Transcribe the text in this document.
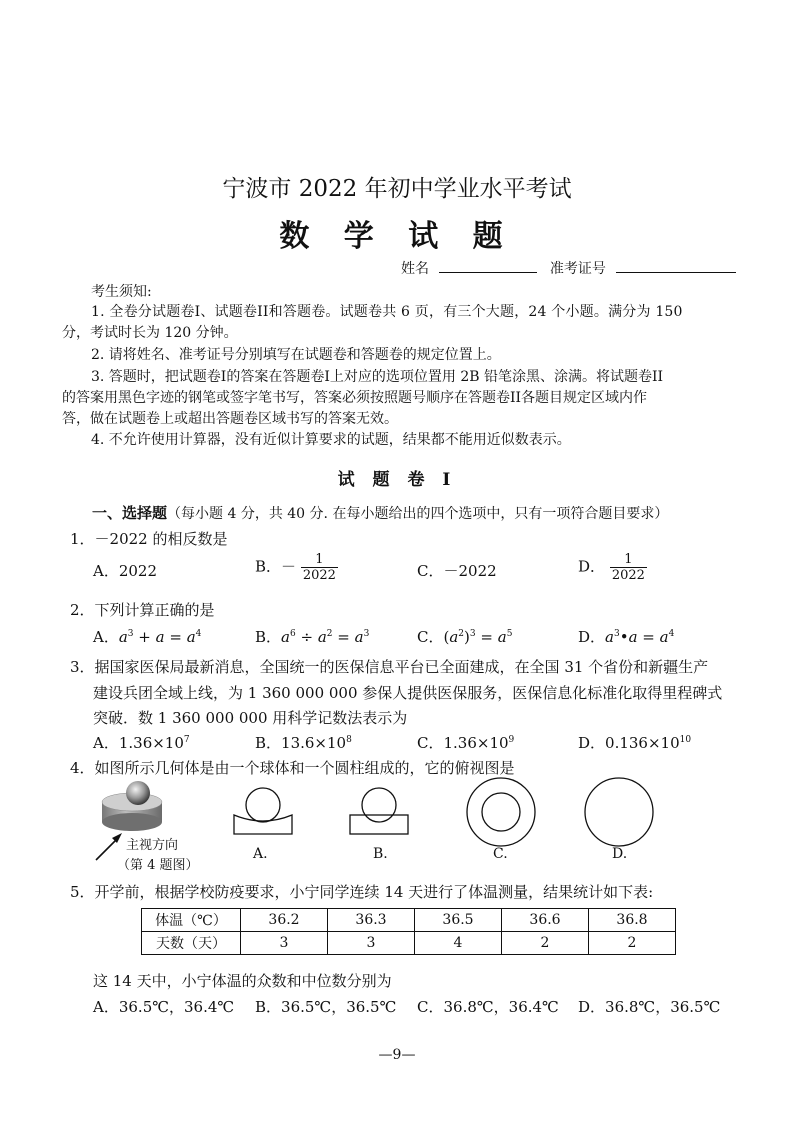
宁波市 2022 年初中学业水平考试
数 学 试 题
姓名	准考证号
考生须知:
1. 全卷分试题卷I、试题卷II和答题卷。试题卷共 6 页，有三个大题，24 个小题。满分为 150
分，考试时长为 120 分钟。
2. 请将姓名、准考证号分别填写在试题卷和答题卷的规定位置上。
3. 答题时，把试题卷I的答案在答题卷I上对应的选项位置用 2B 铅笔涂黑、涂满。将试题卷II
的答案用黑色字迹的钢笔或签字笔书写，答案必须按照题号顺序在答题卷II各题目规定区域内作
答，做在试题卷上或超出答题卷区域书写的答案无效。
4. 不允许使用计算器，没有近似计算要求的试题，结果都不能用近似数表示。
试 题 卷 I
一、选择题（每小题 4 分，共 40 分. 在每小题给出的四个选项中，只有一项符合题目要求）
1．－2022 的相反数是
A．2022	B．－ $\frac{1}{2022}$	C．－2022	D． $\frac{1}{2022}$
2．下列计算正确的是
A．$a^3 + a = a^4$	B．$a^6 \div a^2 = a^3$	C．$(a^2)^3 = a^5$	D．$a^3•a = a^4$
3．据国家医保局最新消息，全国统一的医保信息平台已全面建成，在全国 31 个省份和新疆生产
建设兵团全域上线，为 1 360 000 000 参保人提供医保服务，医保信息化标准化取得里程碑式
突破．数 1 360 000 000 用科学记数法表示为
A．$1.36\times 10^7$	B．$13.6\times 10^8$	C．$1.36\times 10^9$	D．$0.136\times 10^{10}$
4．如图所示几何体是由一个球体和一个圆柱组成的，它的俯视图是
主视方向
（第 4 题图）
A.	B.	C.	D.
5．开学前，根据学校防疫要求，小宁同学连续 14 天进行了体温测量，结果统计如下表:
体温（℃）	36.2	36.3	36.5	36.6	36.8
天数（天）	3	3	4	2	2
这 14 天中，小宁体温的众数和中位数分别为
A．36.5℃，36.4℃ B．36.5℃，36.5℃ C．36.8℃，36.4℃ D．36.8℃，36.5℃
—9—
